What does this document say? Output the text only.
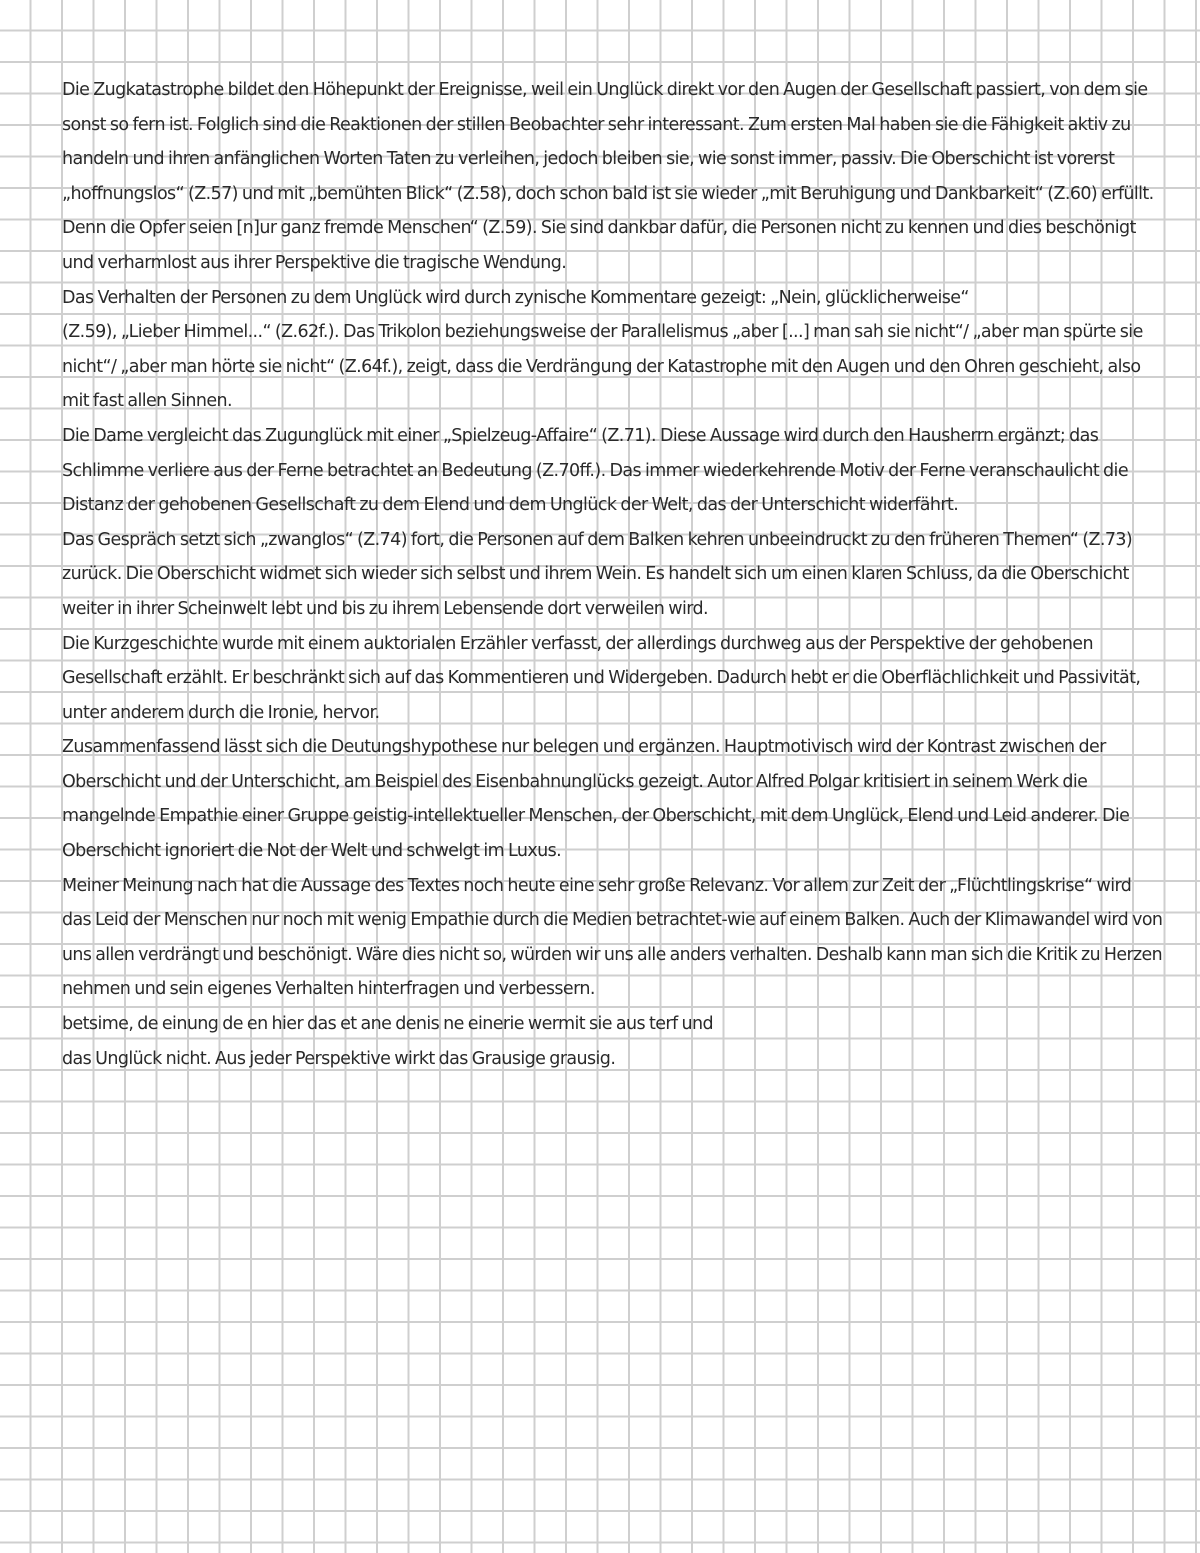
Die Zugkatastrophe bildet den Höhepunkt der Ereignisse, weil ein Unglück direkt vor den Augen der Gesellschaft passiert, von dem sie
sonst so fern ist. Folglich sind die Reaktionen der stillen Beobachter sehr interessant. Zum ersten Mal haben sie die Fähigkeit aktiv zu
handeln und ihren anfänglichen Worten Taten zu verleihen, jedoch bleiben sie, wie sonst immer, passiv. Die Oberschicht ist vorerst
„hoffnungslos“ (Z.57) und mit „bemühten Blick“ (Z.58), doch schon bald ist sie wieder „mit Beruhigung und Dankbarkeit“ (Z.60) erfüllt.
Denn die Opfer seien [n]ur ganz fremde Menschen“ (Z.59). Sie sind dankbar dafür, die Personen nicht zu kennen und dies beschönigt
und verharmlost aus ihrer Perspektive die tragische Wendung.
Das Verhalten der Personen zu dem Unglück wird durch zynische Kommentare gezeigt: „Nein, glücklicherweise“
(Z.59), „Lieber Himmel...“ (Z.62f.). Das Trikolon beziehungsweise der Parallelismus „aber [...] man sah sie nicht“/ „aber man spürte sie
nicht“/ „aber man hörte sie nicht“ (Z.64f.), zeigt, dass die Verdrängung der Katastrophe mit den Augen und den Ohren geschieht, also
mit fast allen Sinnen.
Die Dame vergleicht das Zugunglück mit einer „Spielzeug-Affaire“ (Z.71). Diese Aussage wird durch den Hausherrn ergänzt; das
Schlimme verliere aus der Ferne betrachtet an Bedeutung (Z.70ff.). Das immer wiederkehrende Motiv der Ferne veranschaulicht die
Distanz der gehobenen Gesellschaft zu dem Elend und dem Unglück der Welt, das der Unterschicht widerfährt.
Das Gespräch setzt sich „zwanglos“ (Z.74) fort, die Personen auf dem Balken kehren unbeeindruckt zu den früheren Themen“ (Z.73)
zurück. Die Oberschicht widmet sich wieder sich selbst und ihrem Wein. Es handelt sich um einen klaren Schluss, da die Oberschicht
weiter in ihrer Scheinwelt lebt und bis zu ihrem Lebensende dort verweilen wird.
Die Kurzgeschichte wurde mit einem auktorialen Erzähler verfasst, der allerdings durchweg aus der Perspektive der gehobenen
Gesellschaft erzählt. Er beschränkt sich auf das Kommentieren und Widergeben. Dadurch hebt er die Oberflächlichkeit und Passivität,
unter anderem durch die Ironie, hervor.
Zusammenfassend lässt sich die Deutungshypothese nur belegen und ergänzen. Hauptmotivisch wird der Kontrast zwischen der
Oberschicht und der Unterschicht, am Beispiel des Eisenbahnunglücks gezeigt. Autor Alfred Polgar kritisiert in seinem Werk die
mangelnde Empathie einer Gruppe geistig-intellektueller Menschen, der Oberschicht, mit dem Unglück, Elend und Leid anderer. Die
Oberschicht ignoriert die Not der Welt und schwelgt im Luxus.
Meiner Meinung nach hat die Aussage des Textes noch heute eine sehr große Relevanz. Vor allem zur Zeit der „Flüchtlingskrise“ wird
das Leid der Menschen nur noch mit wenig Empathie durch die Medien betrachtet-wie auf einem Balken. Auch der Klimawandel wird von
uns allen verdrängt und beschönigt. Wäre dies nicht so, würden wir uns alle anders verhalten. Deshalb kann man sich die Kritik zu Herzen
nehmen und sein eigenes Verhalten hinterfragen und verbessern.
betsime, de einung de en hier das et ane denis ne einerie wermit sie aus terf und
das Unglück nicht. Aus jeder Perspektive wirkt das Grausige grausig.
